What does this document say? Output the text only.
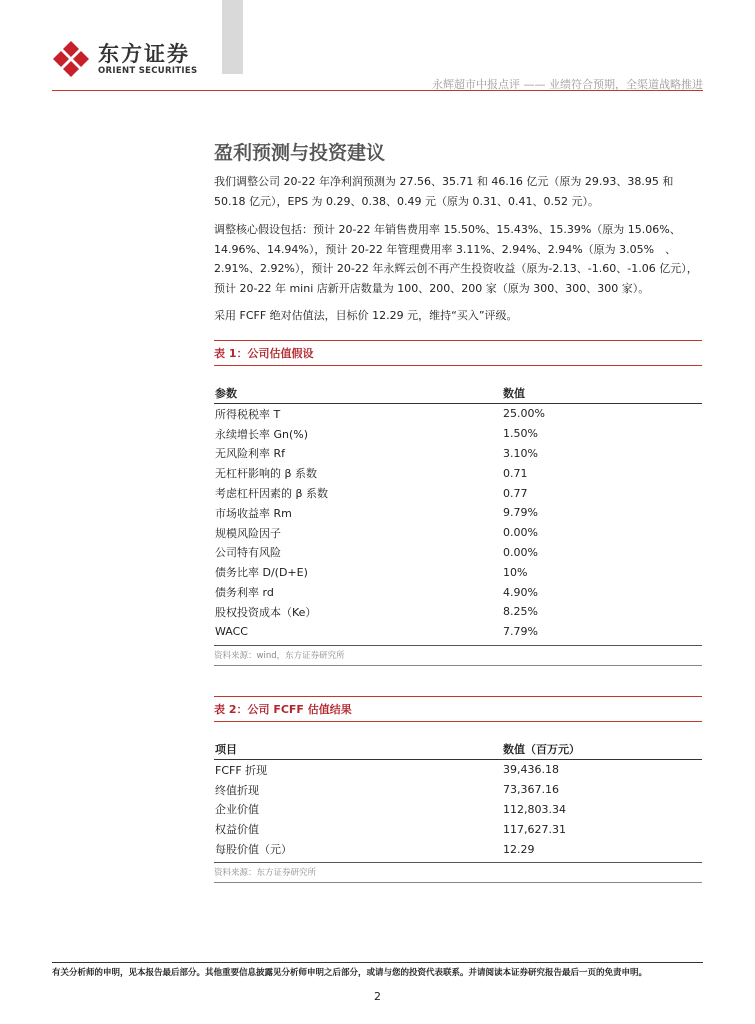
东方证券
ORIENT SECURITIES
永辉超市中报点评 —— 业绩符合预期，全渠道战略推进
盈利预测与投资建议
我们调整公司 20-22 年净利润预测为 27.56、35.71 和 46.16 亿元（原为 29.93、38.95 和 50.18 亿元），EPS 为 0.29、0.38、0.49 元（原为 0.31、0.41、0.52 元）。
调整核心假设包括：预计 20-22 年销售费用率 15.50%、15.43%、15.39%（原为 15.06%、14.96%、14.94%），预计 20-22 年管理费用率 3.11%、2.94%、2.94%（原为 3.05%　、2.91%、2.92%），预计 20-22 年永辉云创不再产生投资收益（原为-2.13、-1.60、-1.06 亿元），预计 20-22 年 mini 店新开店数量为 100、200、200 家（原为 300、300、300 家）。
采用 FCFF 绝对估值法，目标价 12.29 元，维持“买入”评级。
表 1：公司估值假设
参数	数值
所得税税率 T	25.00%
永续增长率 Gn(%)	1.50%
无风险利率 Rf	3.10%
无杠杆影响的 β 系数	0.71
考虑杠杆因素的 β 系数	0.77
市场收益率 Rm	9.79%
规模风险因子	0.00%
公司特有风险	0.00%
债务比率 D/(D+E)	10%
债务利率 rd	4.90%
股权投资成本（Ke）	8.25%
WACC	7.79%
资料来源：wind，东方证券研究所
表 2：公司 FCFF 估值结果
项目	数值（百万元）
FCFF 折现	39,436.18
终值折现	73,367.16
企业价值	112,803.34
权益价值	117,627.31
每股价值（元）	12.29
资料来源：东方证券研究所
有关分析师的申明，见本报告最后部分。其他重要信息披露见分析师申明之后部分，或请与您的投资代表联系。并请阅读本证券研究报告最后一页的免责申明。
2
